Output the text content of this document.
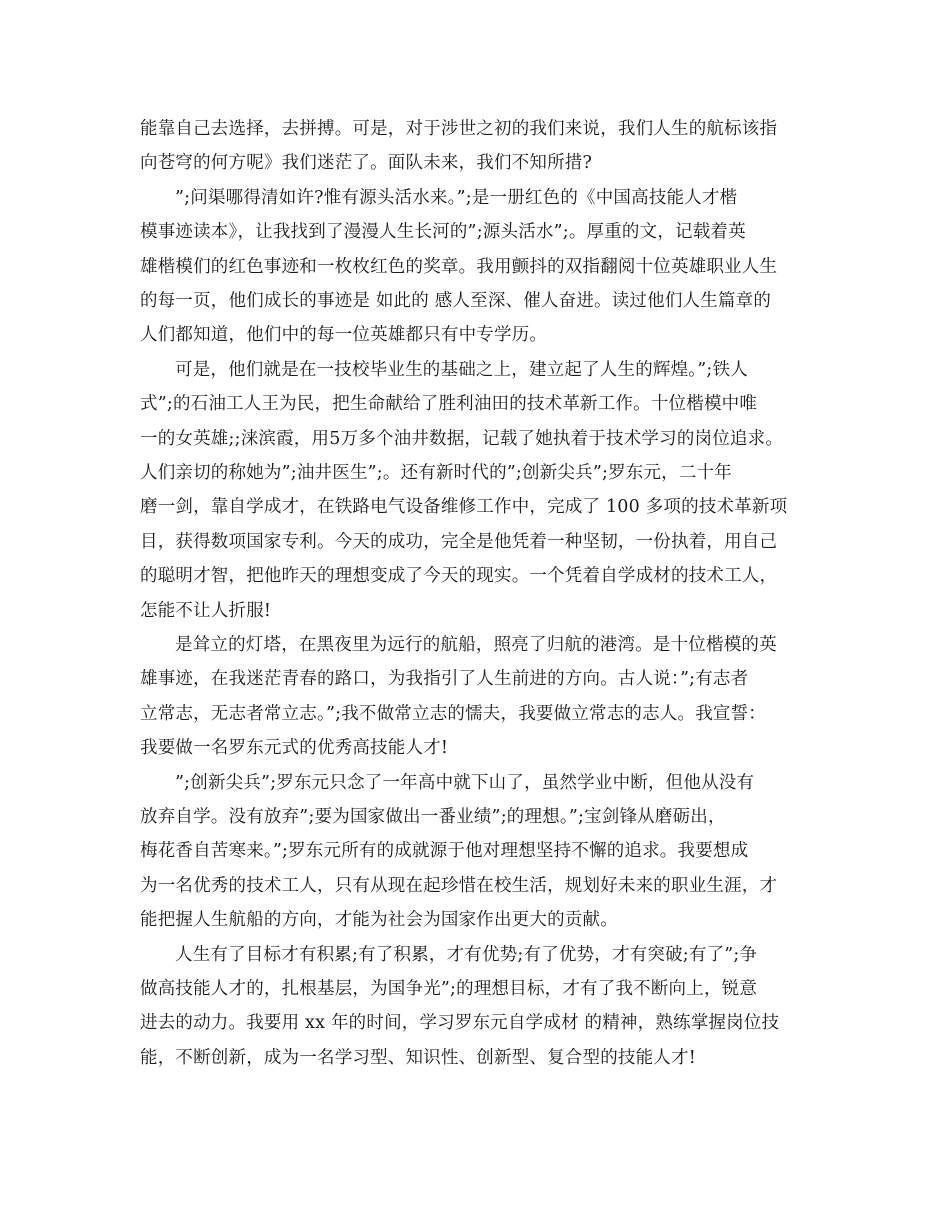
能靠自己去选择，去拼搏。可是，对于涉世之初的我们来说，我们人生的航标该指
向苍穹的何方呢》我们迷茫了。面队未来，我们不知所措?
”;问渠哪得清如许?惟有源头活水来。”;是一册红色的《中国高技能人才楷
模事迹读本》，让我找到了漫漫人生长河的”;源头活水”;。厚重的文，记载着英
雄楷模们的红色事迹和一枚枚红色的奖章。我用颤抖的双指翻阅十位英雄职业人生
的每一页，他们成长的事迹是 如此的 感人至深、催人奋进。读过他们人生篇章的
人们都知道，他们中的每一位英雄都只有中专学历。
可是，他们就是在一技校毕业生的基础之上，建立起了人生的辉煌。”;铁人
式”;的石油工人王为民，把生命献给了胜利油田的技术革新工作。十位楷模中唯
一的女英雄;;涞滨霞，用5万多个油井数据，记载了她执着于技术学习的岗位追求。
人们亲切的称她为”;油井医生”;。还有新时代的”;创新尖兵”;罗东元，二十年
磨一剑，靠自学成才，在铁路电气设备维修工作中，完成了 100 多项的技术革新项
目，获得数项国家专利。今天的成功，完全是他凭着一种坚韧，一份执着，用自己
的聪明才智，把他昨天的理想变成了今天的现实。一个凭着自学成材的技术工人，
怎能不让人折服!
是耸立的灯塔，在黑夜里为远行的航船，照亮了归航的港湾。是十位楷模的英
雄事迹，在我迷茫青春的路口，为我指引了人生前进的方向。古人说：”;有志者
立常志，无志者常立志。”;我不做常立志的懦夫，我要做立常志的志人。我宣誓：
我要做一名罗东元式的优秀高技能人才!
”;创新尖兵”;罗东元只念了一年高中就下山了，虽然学业中断，但他从没有
放弃自学。没有放弃”;要为国家做出一番业绩”;的理想。”;宝剑锋从磨砺出，
梅花香自苦寒来。”;罗东元所有的成就源于他对理想坚持不懈的追求。我要想成
为一名优秀的技术工人，只有从现在起珍惜在校生活，规划好未来的职业生涯，才
能把握人生航船的方向，才能为社会为国家作出更大的贡献。
人生有了目标才有积累;有了积累，才有优势;有了优势，才有突破;有了”;争
做高技能人才的，扎根基层，为国争光”;的理想目标，才有了我不断向上，锐意
进去的动力。我要用 xx 年的时间，学习罗东元自学成材 的精神，熟练掌握岗位技
能，不断创新，成为一名学习型、知识性、创新型、复合型的技能人才!
